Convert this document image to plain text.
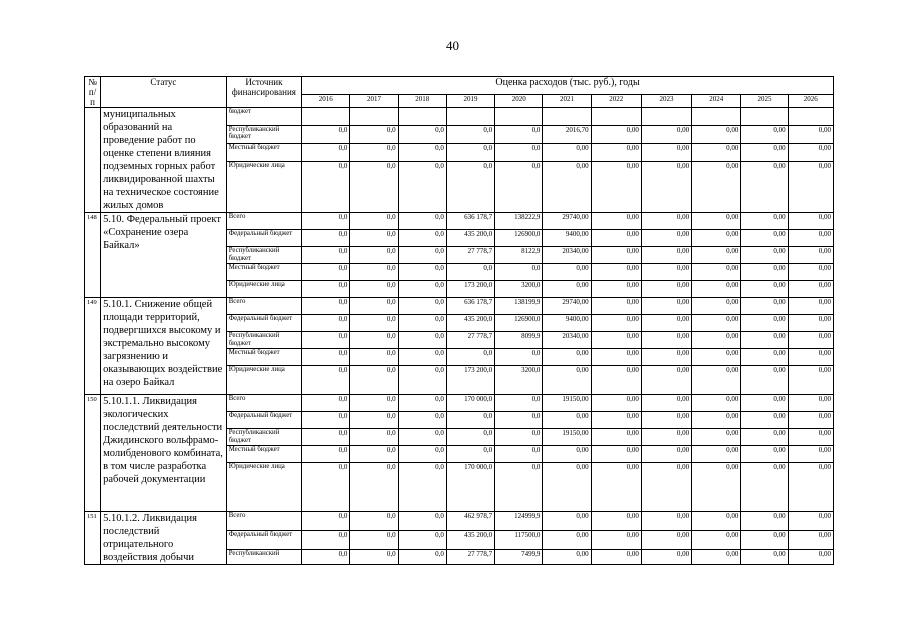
40
№ п/п	Статус	Источник финансирования	Оценка расходов (тыс. руб.), годы										
			2016	2017	2018	2019	2020	2021	2022	2023	2024	2025	2026
	муниципальных образований на проведение работ по оценке степени влияния подземных горных работ ликвидированной шахты на техническое состояние жилых домов	бюджет											
		Республиканский бюджет	0,0	0,0	0,0	0,0	0,0	2016,70	0,00	0,00	0,00	0,00	0,00
		Местный бюджет	0,0	0,0	0,0	0,0	0,0	0,00	0,00	0,00	0,00	0,00	0,00
		Юридические лица	0,0	0,0	0,0	0,0	0,0	0,00	0,00	0,00	0,00	0,00	0,00
148	5.10. Федеральный проект «Сохранение озера Байкал»	Всего	0,0	0,0	0,0	636 178,7	138222,9	29740,00	0,00	0,00	0,00	0,00	0,00
		Федеральный бюджет	0,0	0,0	0,0	435 200,0	126900,0	9400,00	0,00	0,00	0,00	0,00	0,00
		Республиканский бюджет	0,0	0,0	0,0	27 778,7	8122,9	20340,00	0,00	0,00	0,00	0,00	0,00
		Местный бюджет	0,0	0,0	0,0	0,0	0,0	0,00	0,00	0,00	0,00	0,00	0,00
		Юридические лица	0,0	0,0	0,0	173 200,0	3200,0	0,00	0,00	0,00	0,00	0,00	0,00
149	5.10.1. Снижение общей площади территорий, подвергшихся высокому и экстремально высокому загрязнению и оказывающих воздействие на озеро Байкал	Всего	0,0	0,0	0,0	636 178,7	138199,9	29740,00	0,00	0,00	0,00	0,00	0,00
		Федеральный бюджет	0,0	0,0	0,0	435 200,0	126900,0	9400,00	0,00	0,00	0,00	0,00	0,00
		Республиканский бюджет	0,0	0,0	0,0	27 778,7	8099,9	20340,00	0,00	0,00	0,00	0,00	0,00
		Местный бюджет	0,0	0,0	0,0	0,0	0,0	0,00	0,00	0,00	0,00	0,00	0,00
		Юридические лица	0,0	0,0	0,0	173 200,0	3200,0	0,00	0,00	0,00	0,00	0,00	0,00
150	5.10.1.1. Ликвидация экологических последствий деятельности Джидинского вольфрамо-молибденового комбината, в том числе разработка рабочей документации	Всего	0,0	0,0	0,0	170 000,0	0,0	19150,00	0,00	0,00	0,00	0,00	0,00
		Федеральный бюджет	0,0	0,0	0,0	0,0	0,0	0,00	0,00	0,00	0,00	0,00	0,00
		Республиканский бюджет	0,0	0,0	0,0	0,0	0,0	19150,00	0,00	0,00	0,00	0,00	0,00
		Местный бюджет	0,0	0,0	0,0	0,0	0,0	0,00	0,00	0,00	0,00	0,00	0,00
		Юридические лица	0,0	0,0	0,0	170 000,0	0,0	0,00	0,00	0,00	0,00	0,00	0,00
151	5.10.1.2. Ликвидация последствий отрицательного воздействия добычи	Всего	0,0	0,0	0,0	462 978,7	124999,9	0,00	0,00	0,00	0,00	0,00	0,00
		Федеральный бюджет	0,0	0,0	0,0	435 200,0	117500,0	0,00	0,00	0,00	0,00	0,00	0,00
		Республиканский	0,0	0,0	0,0	27 778,7	7499,9	0,00	0,00	0,00	0,00	0,00	0,00
